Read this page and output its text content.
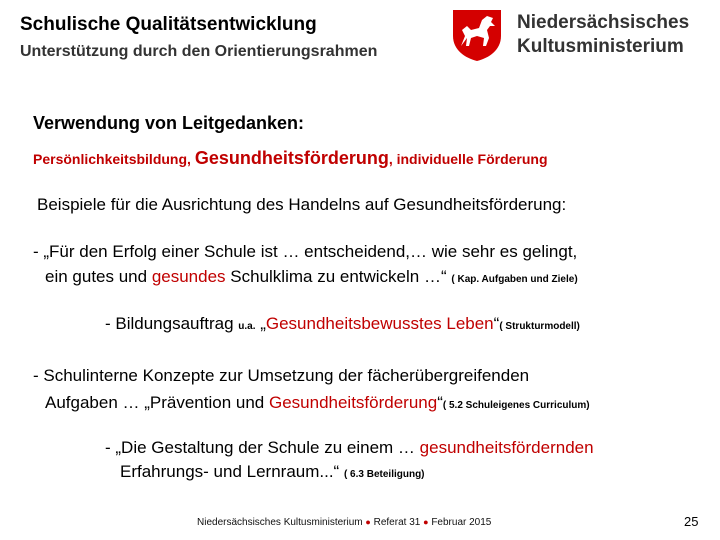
Schulische Qualitätsentwicklung
Unterstützung durch den Orientierungsrahmen
Niedersächsisches
Kultusministerium
Verwendung von Leitgedanken:
Persönlichkeitsbildung, Gesundheitsförderung, individuelle Förderung
Beispiele für die Ausrichtung des Handelns auf Gesundheitsförderung:
- „Für den Erfolg einer Schule ist … entscheidend,… wie sehr es gelingt,
ein gutes und gesundes Schulklima zu entwickeln …“ ( Kap. Aufgaben und Ziele)
- Bildungsauftrag u.a. „Gesundheitsbewusstes Leben“( Strukturmodell)
- Schulinterne Konzepte zur Umsetzung der fächerübergreifenden
Aufgaben … „Prävention und Gesundheitsförderung“( 5.2 Schuleigenes Curriculum)
- „Die Gestaltung der Schule zu einem … gesundheitsfördernden
Erfahrungs- und Lernraum...“ ( 6.3 Beteiligung)
Niedersächsisches Kultusministerium ● Referat 31 ● Februar 2015	25
